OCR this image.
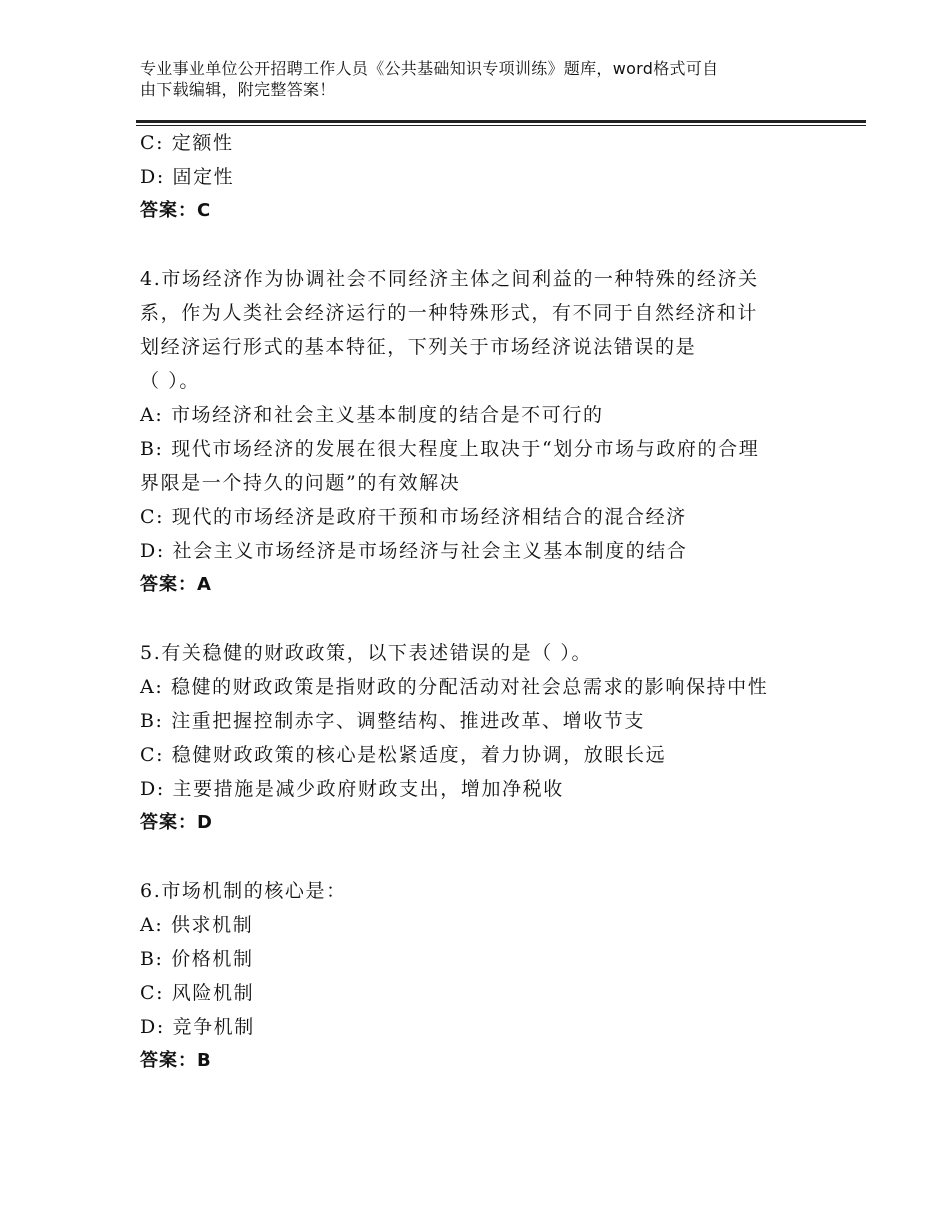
专业事业单位公开招聘工作人员《公共基础知识专项训练》题库，word格式可自
由下载编辑，附完整答案！
C: 定额性
D: 固定性
答案：C
4.市场经济作为协调社会不同经济主体之间利益的一种特殊的经济关
系，作为人类社会经济运行的一种特殊形式，有不同于自然经济和计
划经济运行形式的基本特征，下列关于市场经济说法错误的是
（ ）。
A: 市场经济和社会主义基本制度的结合是不可行的
B: 现代市场经济的发展在很大程度上取决于“划分市场与政府的合理
界限是一个持久的问题”的有效解决
C: 现代的市场经济是政府干预和市场经济相结合的混合经济
D: 社会主义市场经济是市场经济与社会主义基本制度的结合
答案：A
5.有关稳健的财政政策，以下表述错误的是（ ）。
A: 稳健的财政政策是指财政的分配活动对社会总需求的影响保持中性
B: 注重把握控制赤字、调整结构、推进改革、增收节支
C: 稳健财政政策的核心是松紧适度，着力协调，放眼长远
D: 主要措施是减少政府财政支出，增加净税收
答案：D
6.市场机制的核心是：
A: 供求机制
B: 价格机制
C: 风险机制
D: 竞争机制
答案：B
